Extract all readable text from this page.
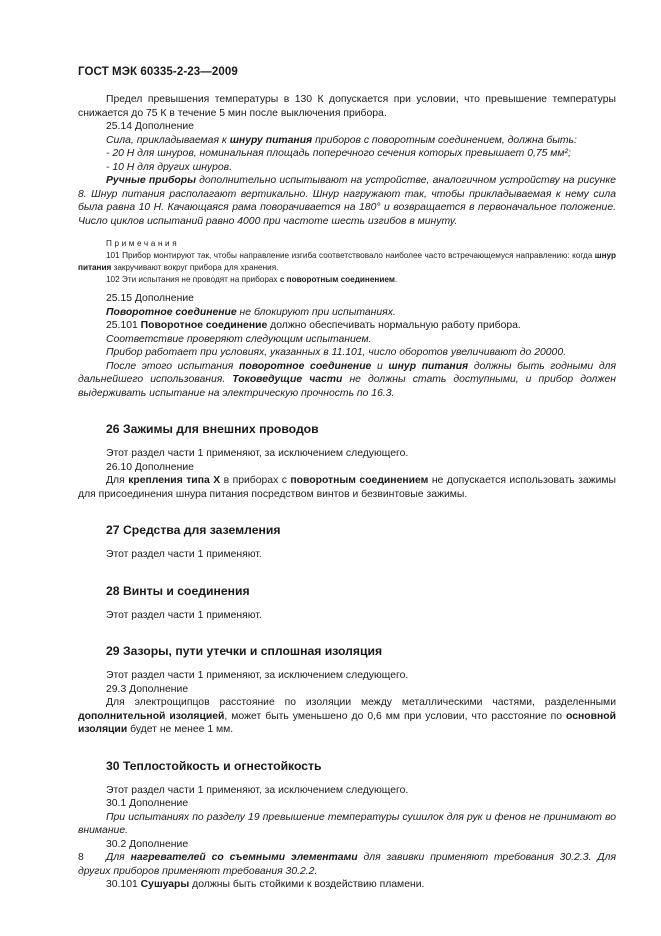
ГОСТ МЭК 60335-2-23—2009

Предел превышения температуры в 130 К допускается при условии, что превышение температуры снижается до 75 К в течение 5 мин после выключения прибора.

25.14 Дополнение

Сила, прикладываемая к шнуру питания приборов с поворотным соединением, должна быть:

- 20 Н для шнуров, номинальная площадь поперечного сечения которых превышает 0,75 мм²;

- 10 Н для других шнуров.

Ручные приборы дополнительно испытывают на устройстве, аналогичном устройству на рисунке 8. Шнур питания располагают вертикально. Шнур нагружают так, чтобы прикладываемая к нему сила была равна 10 Н. Качающаяся рама поворачивается на 180° и возвращается в первоначальное положение. Число циклов испытаний равно 4000 при частоте шесть изгибов в минуту.

Примечания

101 Прибор монтируют так, чтобы направление изгиба соответствовало наиболее часто встречающемуся направлению: когда шнур питания закручивают вокруг прибора для хранения.

102 Эти испытания не проводят на приборах с поворотным соединением.

25.15 Дополнение

Поворотное соединение не блокируют при испытаниях.

25.101 Поворотное соединение должно обеспечивать нормальную работу прибора.

Соответствие проверяют следующим испытанием.

Прибор работает при условиях, указанных в 11.101, число оборотов увеличивают до 20000.

После этого испытания поворотное соединение и шнур питания должны быть годными для дальнейшего использования. Токоведущие части не должны стать доступными, и прибор должен выдерживать испытание на электрическую прочность по 16.3.

26 Зажимы для внешних проводов

Этот раздел части 1 применяют, за исключением следующего.

26.10 Дополнение

Для крепления типа X в приборах с поворотным соединением не допускается использовать зажимы для присоединения шнура питания посредством винтов и безвинтовые зажимы.

27 Средства для заземления

Этот раздел части 1 применяют.

28 Винты и соединения

Этот раздел части 1 применяют.

29 Зазоры, пути утечки и сплошная изоляция

Этот раздел части 1 применяют, за исключением следующего.

29.3 Дополнение

Для электрощипцов расстояние по изоляции между металлическими частями, разделенными дополнительной изоляцией, может быть уменьшено до 0,6 мм при условии, что расстояние по основной изоляции будет не менее 1 мм.

30 Теплостойкость и огнестойкость

Этот раздел части 1 применяют, за исключением следующего.

30.1 Дополнение

При испытаниях по разделу 19 превышение температуры сушилок для рук и фенов не принимают во внимание.

30.2 Дополнение

Для нагревателей со съемными элементами для завивки применяют требования 30.2.3. Для других приборов применяют требования 30.2.2.

30.101 Сушуары должны быть стойкими к воздействию пламени.

8
